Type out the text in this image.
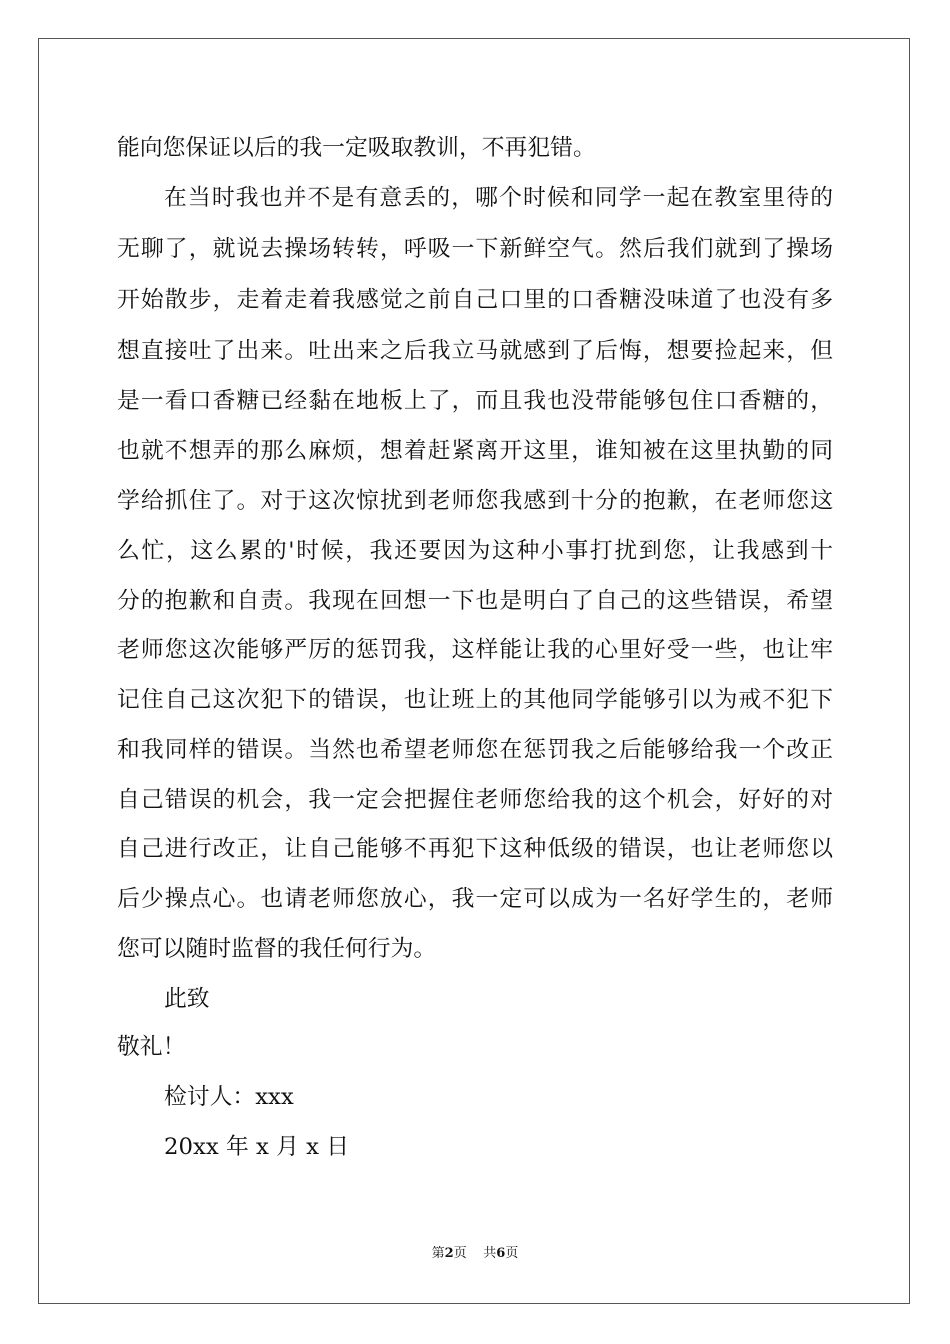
能向您保证以后的我一定吸取教训，不再犯错。
在当时我也并不是有意丢的，哪个时候和同学一起在教室里待的
无聊了，就说去操场转转，呼吸一下新鲜空气。然后我们就到了操场
开始散步，走着走着我感觉之前自己口里的口香糖没味道了也没有多
想直接吐了出来。吐出来之后我立马就感到了后悔，想要捡起来，但
是一看口香糖已经黏在地板上了，而且我也没带能够包住口香糖的，
也就不想弄的那么麻烦，想着赶紧离开这里，谁知被在这里执勤的同
学给抓住了。对于这次惊扰到老师您我感到十分的抱歉，在老师您这
么忙，这么累的'时候，我还要因为这种小事打扰到您，让我感到十
分的抱歉和自责。我现在回想一下也是明白了自己的这些错误，希望
老师您这次能够严厉的惩罚我，这样能让我的心里好受一些，也让牢
记住自己这次犯下的错误，也让班上的其他同学能够引以为戒不犯下
和我同样的错误。当然也希望老师您在惩罚我之后能够给我一个改正
自己错误的机会，我一定会把握住老师您给我的这个机会，好好的对
自己进行改正，让自己能够不再犯下这种低级的错误，也让老师您以
后少操点心。也请老师您放心，我一定可以成为一名好学生的，老师
您可以随时监督的我任何行为。
此致
敬礼！
检讨人：xxx
20xx 年 x 月 x 日
第2页 共6页
